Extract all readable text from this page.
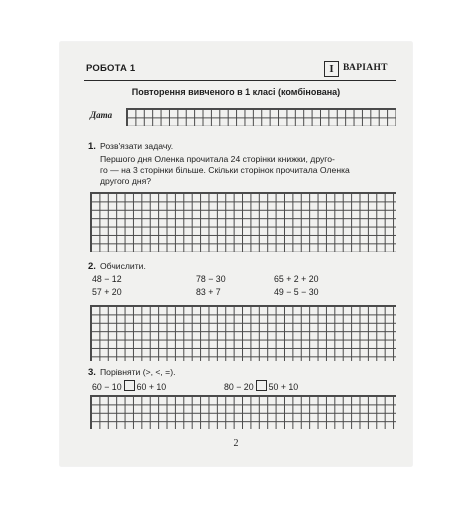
РОБОТА 1	I ВАРІАНТ
Повторення вивченого в 1 класі (комбінована)
Дата
1. Розв'язати задачу.
Першого дня Оленка прочитала 24 сторінки книжки, друго-
го — на 3 сторінки більше. Скільки сторінок прочитала Оленка
другого дня?
2. Обчислити.
48 − 12	78 − 30	65 + 2 + 20
57 + 20	83 + 7	49 − 5 − 30
3. Порівняти (>, <, =).
60 − 10 60 + 10	80 − 20 50 + 10
2
